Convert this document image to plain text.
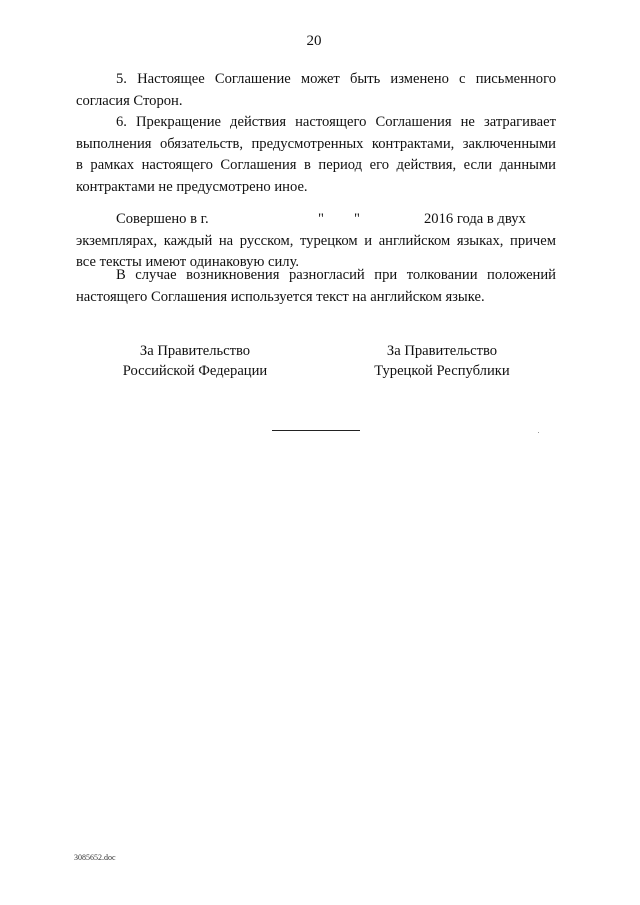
20
5. Настоящее Соглашение может быть изменено с письменного
согласия Сторон.
6. Прекращение действия настоящего Соглашения не затрагивает
выполнения обязательств, предусмотренных контрактами, заключенными
в рамках настоящего Соглашения в период его действия, если данными
контрактами не предусмотрено иное.
Совершено в г.	" "	2016 года в двух
экземплярах, каждый на русском, турецком и английском языках, причем
все тексты имеют одинаковую силу.
В случае возникновения разногласий при толковании положений
настоящего Соглашения используется текст на английском языке.
За Правительство
Российской Федерации
За Правительство
Турецкой Республики
3085652.doc
